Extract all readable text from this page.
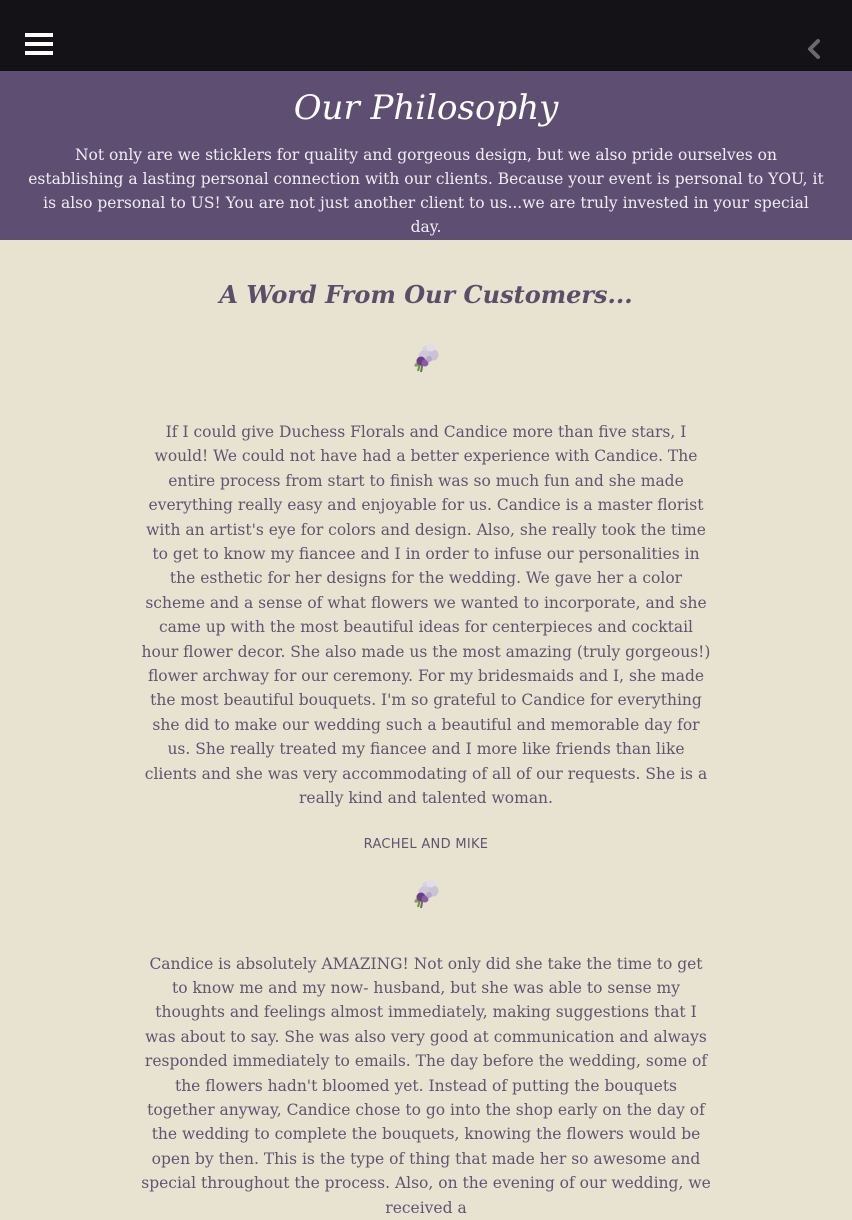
Our Philosophy

Not only are we sticklers for quality and gorgeous design, but we also pride ourselves on establishing a lasting personal connection with our clients. Because your event is personal to YOU, it is also personal to US! You are not just another client to us...we are truly invested in your special day.

A Word From Our Customers...

If I could give Duchess Florals and Candice more than five stars, I would! We could not have had a better experience with Candice. The entire process from start to finish was so much fun and she made everything really easy and enjoyable for us. Candice is a master florist with an artist's eye for colors and design. Also, she really took the time to get to know my fiancee and I in order to infuse our personalities in the esthetic for her designs for the wedding. We gave her a color scheme and a sense of what flowers we wanted to incorporate, and she came up with the most beautiful ideas for centerpieces and cocktail hour flower decor. She also made us the most amazing (truly gorgeous!) flower archway for our ceremony. For my bridesmaids and I, she made the most beautiful bouquets. I'm so grateful to Candice for everything she did to make our wedding such a beautiful and memorable day for us. She really treated my fiancee and I more like friends than like clients and she was very accommodating of all of our requests. She is a really kind and talented woman.

RACHEL AND MIKE

Candice is absolutely AMAZING! Not only did she take the time to get to know me and my now- husband, but she was able to sense my thoughts and feelings almost immediately, making suggestions that I was about to say. She was also very good at communication and always responded immediately to emails. The day before the wedding, some of the flowers hadn't bloomed yet. Instead of putting the bouquets together anyway, Candice chose to go into the shop early on the day of the wedding to complete the bouquets, knowing the flowers would be open by then. This is the type of thing that made her so awesome and special throughout the process. Also, on the evening of our wedding, we received a
